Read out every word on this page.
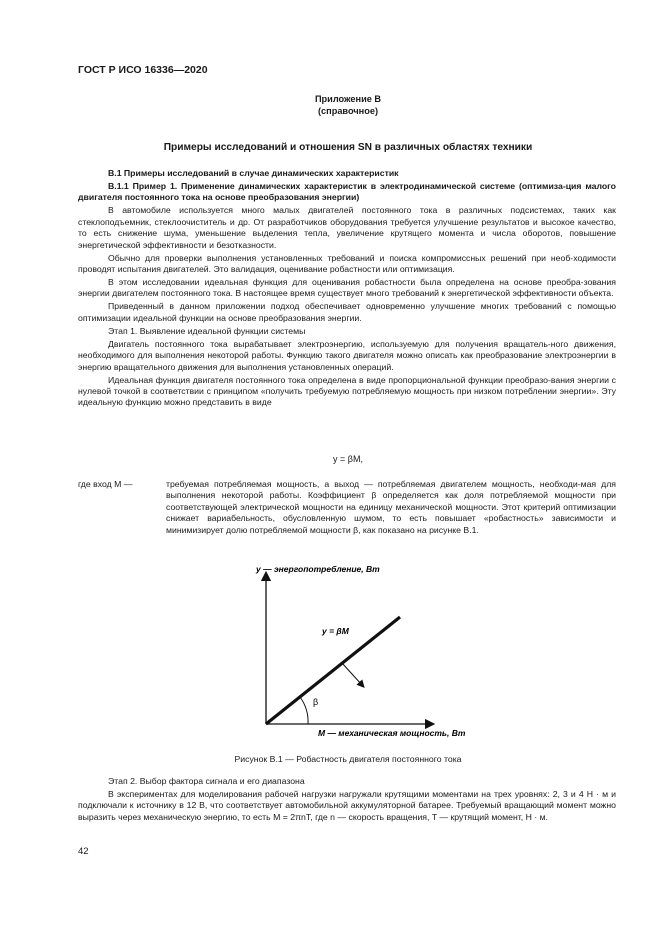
ГОСТ Р ИСО 16336—2020
Приложение В
(справочное)
Примеры исследований и отношения SN в различных областях техники

В.1 Примеры исследований в случае динамических характеристик

В.1.1 Пример 1. Применение динамических характеристик в электродинамической системе (оптимиза-ция малого двигателя постоянного тока на основе преобразования энергии)

В автомобиле используется много малых двигателей постоянного тока в различных подсистемах, таких как стеклоподъемник, стеклоочиститель и др. От разработчиков оборудования требуется улучшение результатов и высокое качество, то есть снижение шума, уменьшение выделения тепла, увеличение крутящего момента и числа оборотов, повышение энергетической эффективности и безотказности.

Обычно для проверки выполнения установленных требований и поиска компромиссных решений при необ-ходимости проводят испытания двигателей. Это валидация, оценивание робастности или оптимизация.

В этом исследовании идеальная функция для оценивания робастности была определена на основе преобра-зования энергии двигателем постоянного тока. В настоящее время существует много требований к энергетической эффективности объекта.

Приведенный в данном приложении подход обеспечивает одновременно улучшение многих требований с помощью оптимизации идеальной функции на основе преобразования энергии.

Этап 1. Выявление идеальной функции системы

Двигатель постоянного тока вырабатывает электроэнергию, используемую для получения вращатель-ного движения, необходимого для выполнения некоторой работы. Функцию такого двигателя можно описать как преобразование электроэнергии в энергию вращательного движения для выполнения установленных операций.

Идеальная функция двигателя постоянного тока определена в виде пропорциональной функции преобразо-вания энергии с нулевой точкой в соответствии с принципом «получить требуемую потребляемую мощность при низком потреблении энергии». Эту идеальную функцию можно представить в виде

y = βM,
где вход M —	требуемая потребляемая мощность, а выход — потребляемая двигателем мощность, необходи-мая для выполнения некоторой работы. Коэффициент β определяется как доля потребляемой мощности при соответствующей электрической мощности на единицу механической мощности. Этот критерий оптимизации снижает вариабельность, обусловленную шумом, то есть повышает «робастность» зависимости и минимизирует долю потребляемой мощности β, как показано на рисунке В.1.
y — энергопотребление, Вт
y = βM
β
M — механическая мощность, Вт
Рисунок В.1 — Робастность двигателя постоянного тока

Этап 2. Выбор фактора сигнала и его диапазона

В экспериментах для моделирования рабочей нагрузки нагружали крутящими моментами на трех уровнях: 2, 3 и 4 Н · м и подключали к источнику в 12 В, что соответствует автомобильной аккумуляторной батарее. Требуемый вращающий момент можно выразить через механическую энергию, то есть M = 2πnT, где n — скорость вращения, T — крутящий момент, Н · м.

42
